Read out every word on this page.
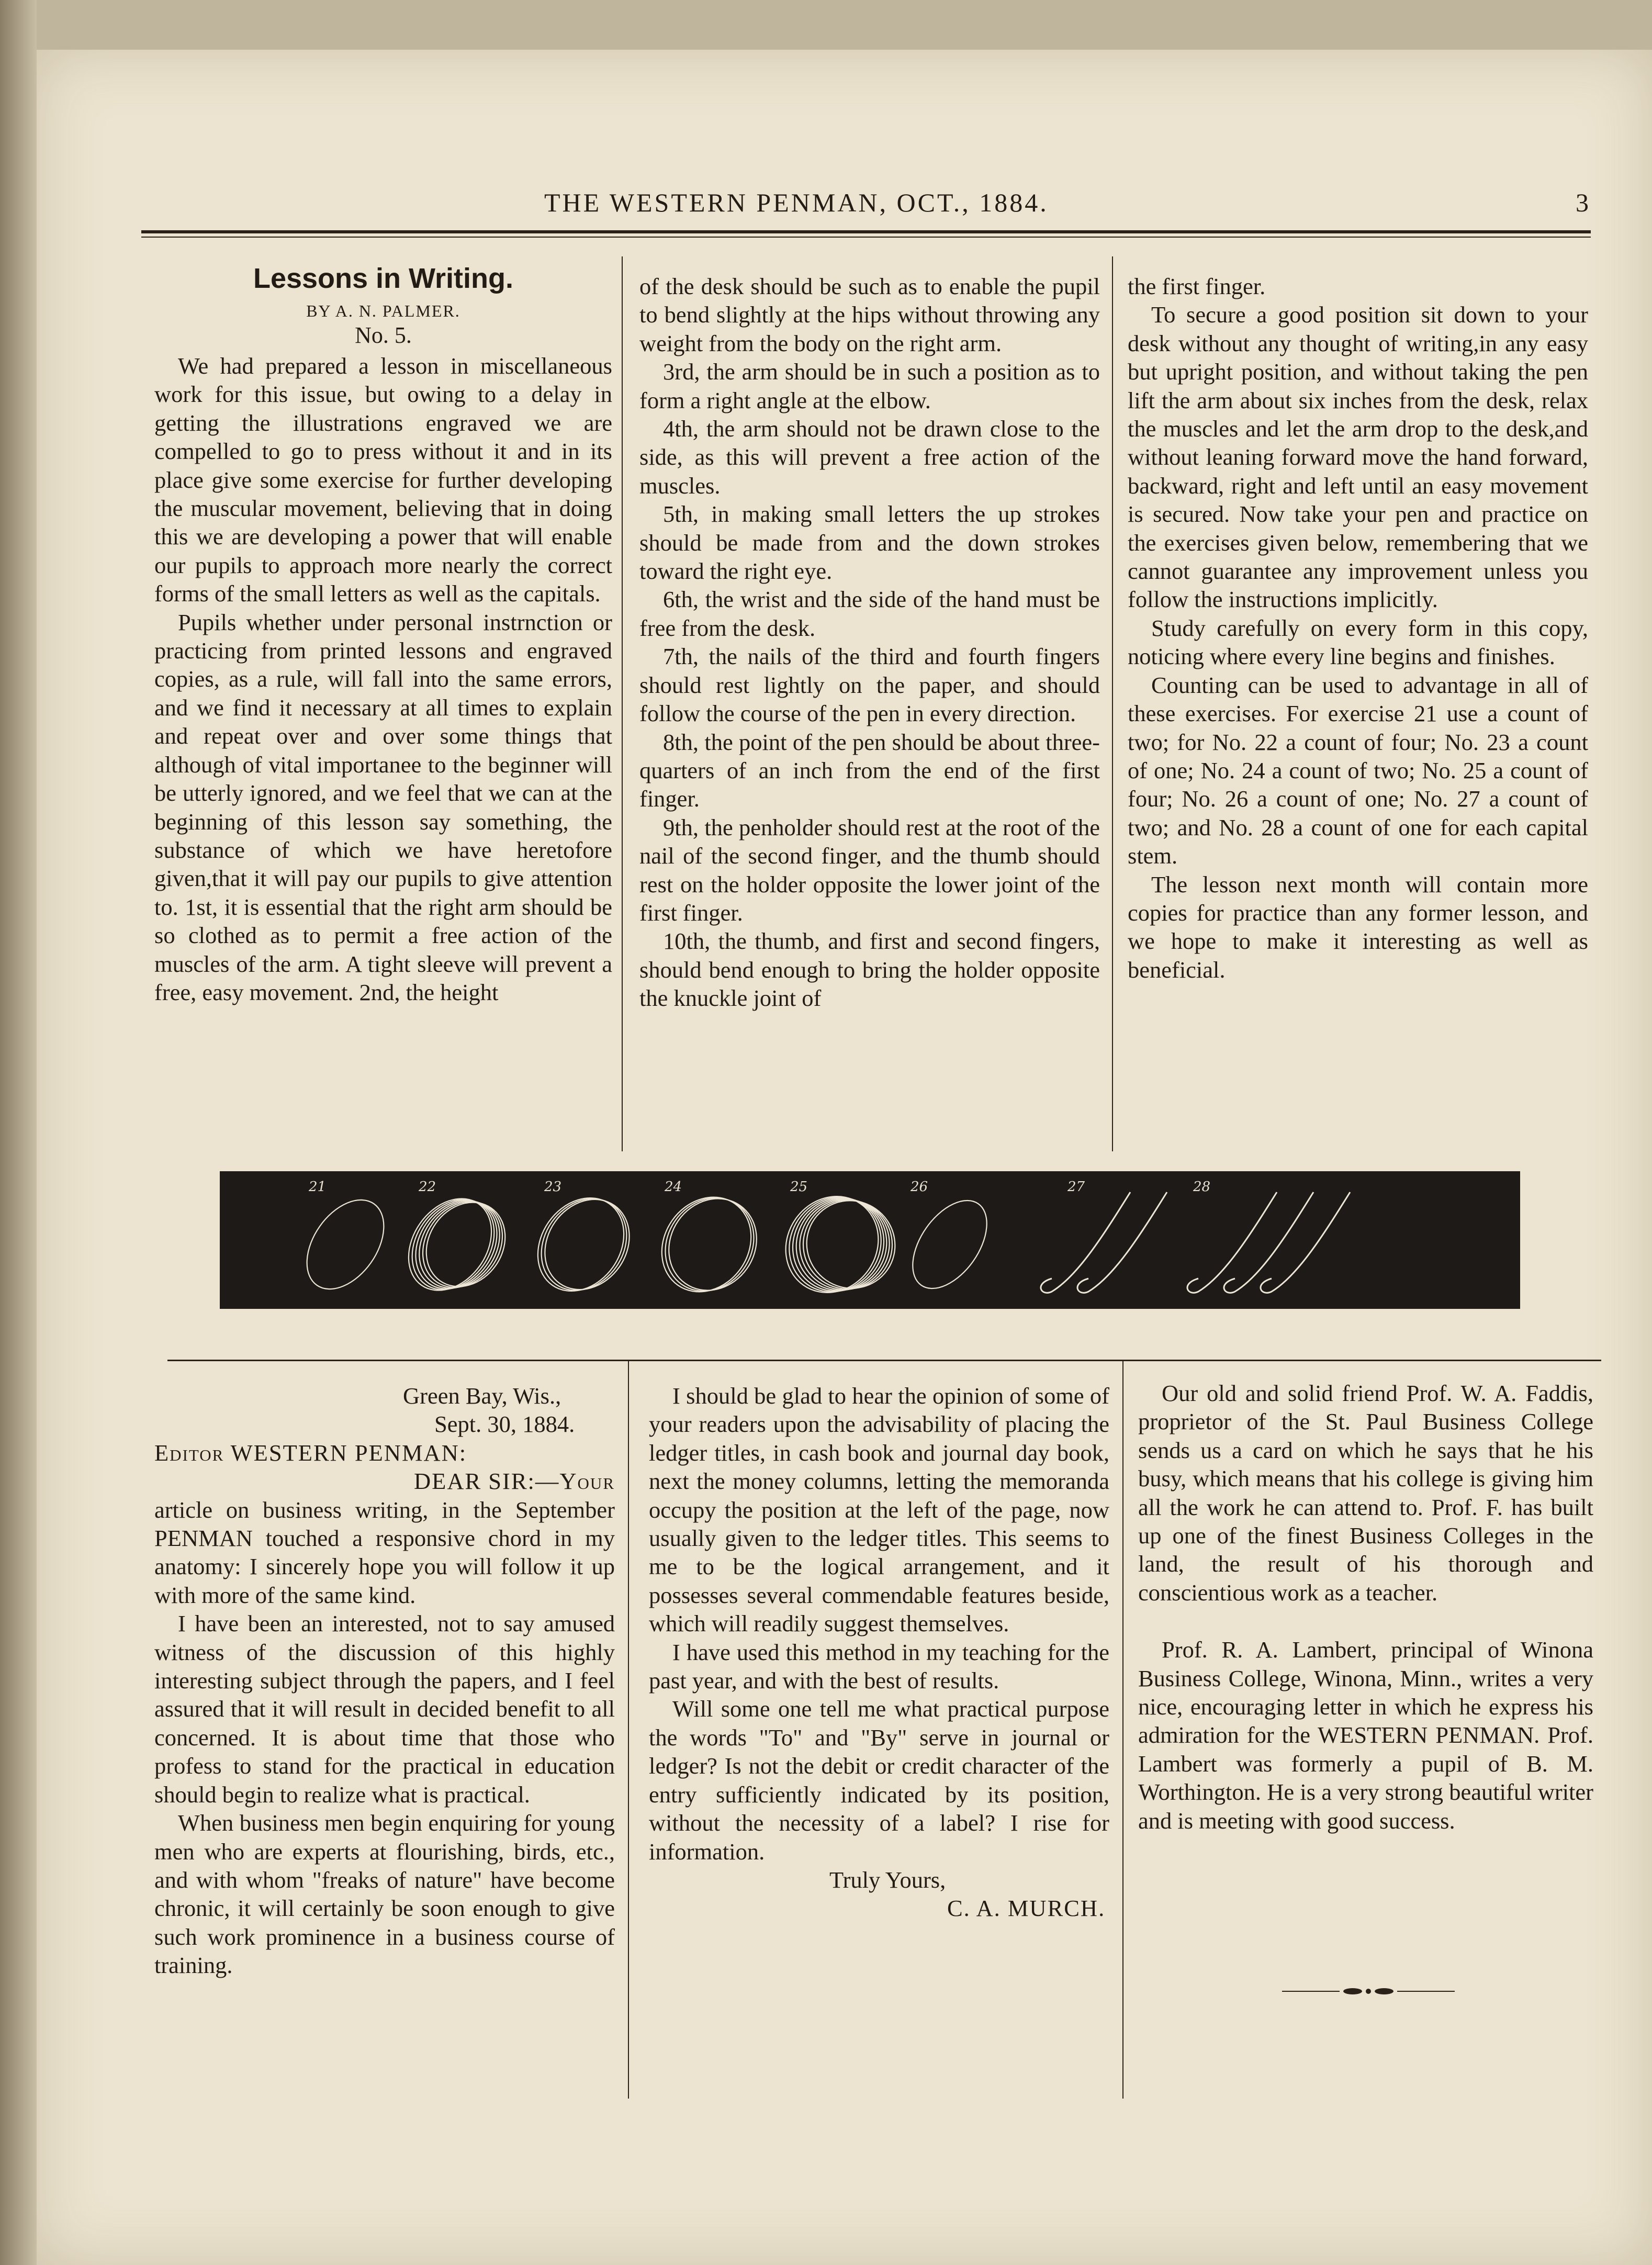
THE WESTERN PENMAN, OCT., 1884.	3
Lessons in Writing.
BY A. N. PALMER.
No. 5.

We had prepared a lesson in miscellaneous work for this issue, but owing to a delay in getting the illustrations engraved we are compelled to go to press without it and in its place give some exercise for further developing the muscular movement, believing that in doing this we are developing a power that will enable our pupils to approach more nearly the correct forms of the small letters as well as the capitals.

Pupils whether under personal instrnction or practicing from printed lessons and engraved copies, as a rule, will fall into the same errors, and we find it necessary at all times to explain and repeat over and over some things that although of vital importanee to the beginner will be utterly ignored, and we feel that we can at the beginning of this lesson say something, the substance of which we have heretofore given,that it will pay our pupils to give attention to. 1st, it is essential that the right arm should be so clothed as to permit a free action of the muscles of the arm. A tight sleeve will prevent a free, easy movement. 2nd, the height

of the desk should be such as to enable the pupil to bend slightly at the hips without throwing any weight from the body on the right arm.

3rd, the arm should be in such a position as to form a right angle at the elbow.

4th, the arm should not be drawn close to the side, as this will prevent a free action of the muscles.

5th, in making small letters the up strokes should be made from and the down strokes toward the right eye.

6th, the wrist and the side of the hand must be free from the desk.

7th, the nails of the third and fourth fingers should rest lightly on the paper, and should follow the course of the pen in every direction.

8th, the point of the pen should be about three-quarters of an inch from the end of the first finger.

9th, the penholder should rest at the root of the nail of the second finger, and the thumb should rest on the holder opposite the lower joint of the first finger.

10th, the thumb, and first and second fingers, should bend enough to bring the holder opposite the knuckle joint of

the first finger.

To secure a good position sit down to your desk without any thought of writing,in any easy but upright position, and without taking the pen lift the arm about six inches from the desk, relax the muscles and let the arm drop to the desk,and without leaning forward move the hand forward, backward, right and left until an easy movement is secured. Now take your pen and practice on the exercises given below, remembering that we cannot guarantee any improvement unless you follow the instructions implicitly.

Study carefully on every form in this copy, noticing where every line begins and finishes.

Counting can be used to advantage in all of these exercises. For exercise 21 use a count of two; for No. 22 a count of four; No. 23 a count of one; No. 24 a count of two; No. 25 a count of four; No. 26 a count of one; No. 27 a count of two; and No. 28 a count of one for each capital stem.

The lesson next month will contain more copies for practice than any former lesson, and we hope to make it interesting as well as beneficial.

21	22	23	24	25	26	27	28

Green Bay, Wis.,

Sept. 30, 1884.

Editor WESTERN PENMAN:

DEAR SIR:—Your

article on business writing, in the September PENMAN touched a responsive chord in my anatomy: I sincerely hope you will follow it up with more of the same kind.

I have been an interested, not to say amused witness of the discussion of this highly interesting subject through the papers, and I feel assured that it will result in decided benefit to all concerned. It is about time that those who profess to stand for the practical in education should begin to realize what is practical.

When business men begin enquiring for young men who are experts at flourishing, birds, etc., and with whom "freaks of nature" have become chronic, it will certainly be soon enough to give such work prominence in a business course of training.

I should be glad to hear the opinion of some of your readers upon the advisability of placing the ledger titles, in cash book and journal day book, next the money columns, letting the memoranda occupy the position at the left of the page, now usually given to the ledger titles. This seems to me to be the logical arrangement, and it possesses several commendable features beside, which will readily suggest themselves.

I have used this method in my teaching for the past year, and with the best of results.

Will some one tell me what practical purpose the words "To" and "By" serve in journal or ledger? Is not the debit or credit character of the entry sufficiently indicated by its position, without the necessity of a label? I rise for information.

Truly Yours,

C. A. MURCH.

Our old and solid friend Prof. W. A. Faddis, proprietor of the St. Paul Business College sends us a card on which he says that he his busy, which means that his college is giving him all the work he can attend to. Prof. F. has built up one of the finest Business Colleges in the land, the result of his thorough and conscientious work as a teacher.

Prof. R. A. Lambert, principal of Winona Business College, Winona, Minn., writes a very nice, encouraging letter in which he express his admiration for the WESTERN PENMAN. Prof. Lambert was formerly a pupil of B. M. Worthington. He is a very strong beautiful writer and is meeting with good success.
